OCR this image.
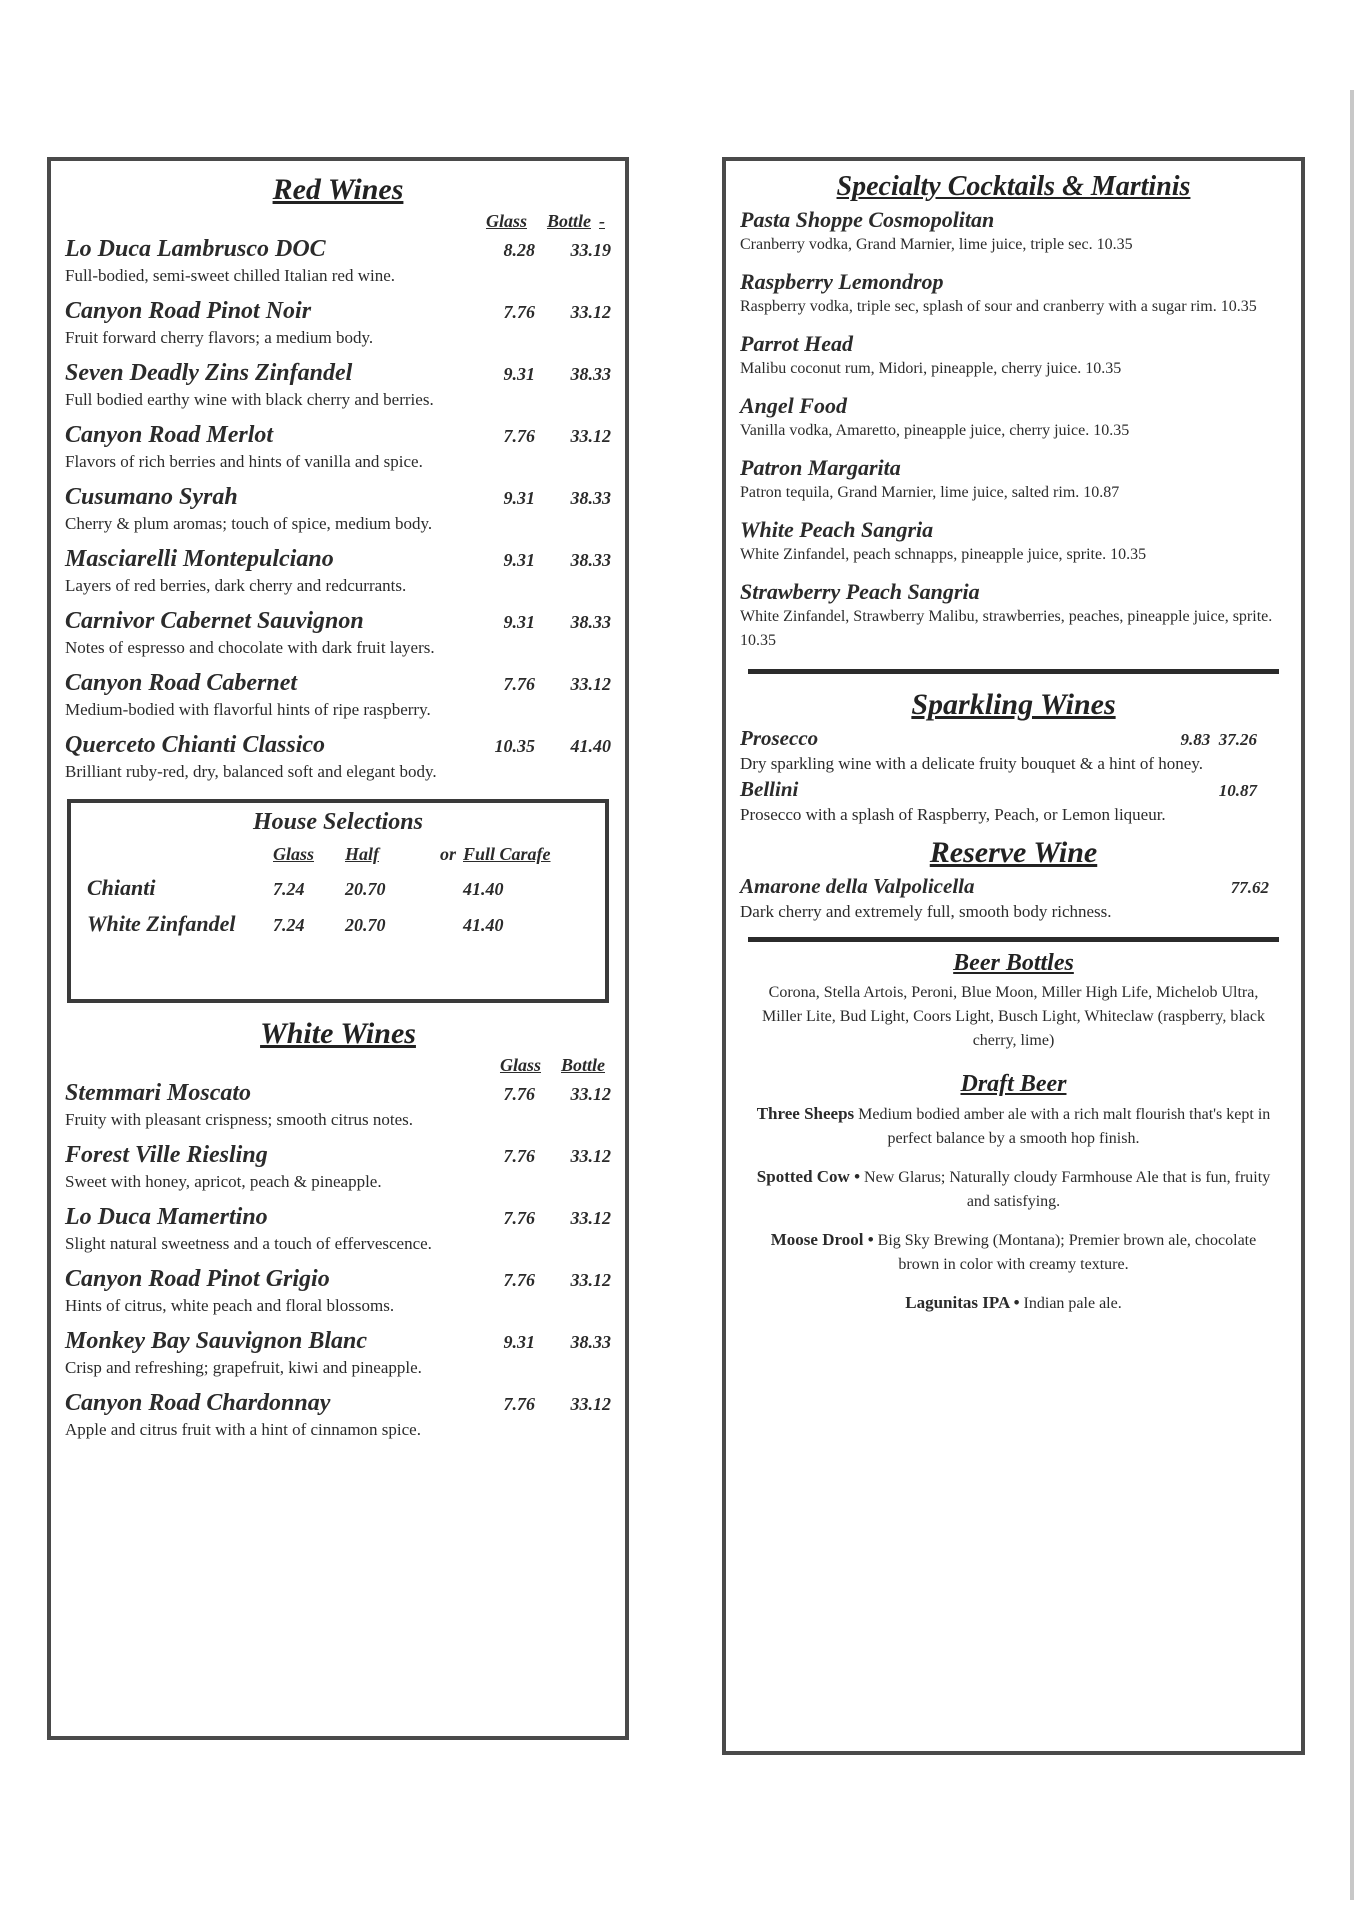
Red Wines
Glass Bottle -
Lo Duca Lambrusco DOC	8.28	33.19
Full-bodied, semi-sweet chilled Italian red wine.
Canyon Road Pinot Noir	7.76	33.12
Fruit forward cherry flavors; a medium body.
Seven Deadly Zins Zinfandel	9.31	38.33
Full bodied earthy wine with black cherry and berries.
Canyon Road Merlot	7.76	33.12
Flavors of rich berries and hints of vanilla and spice.
Cusumano Syrah	9.31	38.33
Cherry & plum aromas; touch of spice, medium body.
Masciarelli Montepulciano	9.31	38.33
Layers of red berries, dark cherry and redcurrants.
Carnivor Cabernet Sauvignon	9.31	38.33
Notes of espresso and chocolate with dark fruit layers.
Canyon Road Cabernet	7.76	33.12
Medium-bodied with flavorful hints of ripe raspberry.
Querceto Chianti Classico	10.35	41.40
Brilliant ruby-red, dry, balanced soft and elegant body.
House Selections
Glass	Half	or Full Carafe
Chianti	7.24	20.70	41.40
White Zinfandel	7.24	20.70	41.40
White Wines
Glass Bottle
Stemmari Moscato	7.76	33.12
Fruity with pleasant crispness; smooth citrus notes.
Forest Ville Riesling	7.76	33.12
Sweet with honey, apricot, peach & pineapple.
Lo Duca Mamertino	7.76	33.12
Slight natural sweetness and a touch of effervescence.
Canyon Road Pinot Grigio	7.76	33.12
Hints of citrus, white peach and floral blossoms.
Monkey Bay Sauvignon Blanc	9.31	38.33
Crisp and refreshing; grapefruit, kiwi and pineapple.
Canyon Road Chardonnay	7.76	33.12
Apple and citrus fruit with a hint of cinnamon spice.
Specialty Cocktails & Martinis
Pasta Shoppe Cosmopolitan
Cranberry vodka, Grand Marnier, lime juice, triple sec. 10.35
Raspberry Lemondrop
Raspberry vodka, triple sec, splash of sour and cranberry with a sugar rim. 10.35
Parrot Head
Malibu coconut rum, Midori, pineapple, cherry juice. 10.35
Angel Food
Vanilla vodka, Amaretto, pineapple juice, cherry juice. 10.35
Patron Margarita
Patron tequila, Grand Marnier, lime juice, salted rim. 10.87
White Peach Sangria
White Zinfandel, peach schnapps, pineapple juice, sprite. 10.35
Strawberry Peach Sangria
White Zinfandel, Strawberry Malibu, strawberries, peaches, pineapple juice, sprite. 10.35
Sparkling Wines
Prosecco	9.83  37.26
Dry sparkling wine with a delicate fruity bouquet & a hint of honey.
Bellini	10.87
Prosecco with a splash of Raspberry, Peach, or Lemon liqueur.
Reserve Wine
Amarone della Valpolicella	77.62
Dark cherry and extremely full, smooth body richness.
Beer Bottles
Corona, Stella Artois, Peroni, Blue Moon, Miller High Life, Michelob Ultra, Miller Lite, Bud Light, Coors Light, Busch Light, Whiteclaw (raspberry, black cherry, lime)
Draft Beer
Three Sheeps Medium bodied amber ale with a rich malt flourish that's kept in perfect balance by a smooth hop finish.
Spotted Cow • New Glarus; Naturally cloudy Farmhouse Ale that is fun, fruity and satisfying.
Moose Drool • Big Sky Brewing (Montana); Premier brown ale, chocolate brown in color with creamy texture.
Lagunitas IPA • Indian pale ale.
